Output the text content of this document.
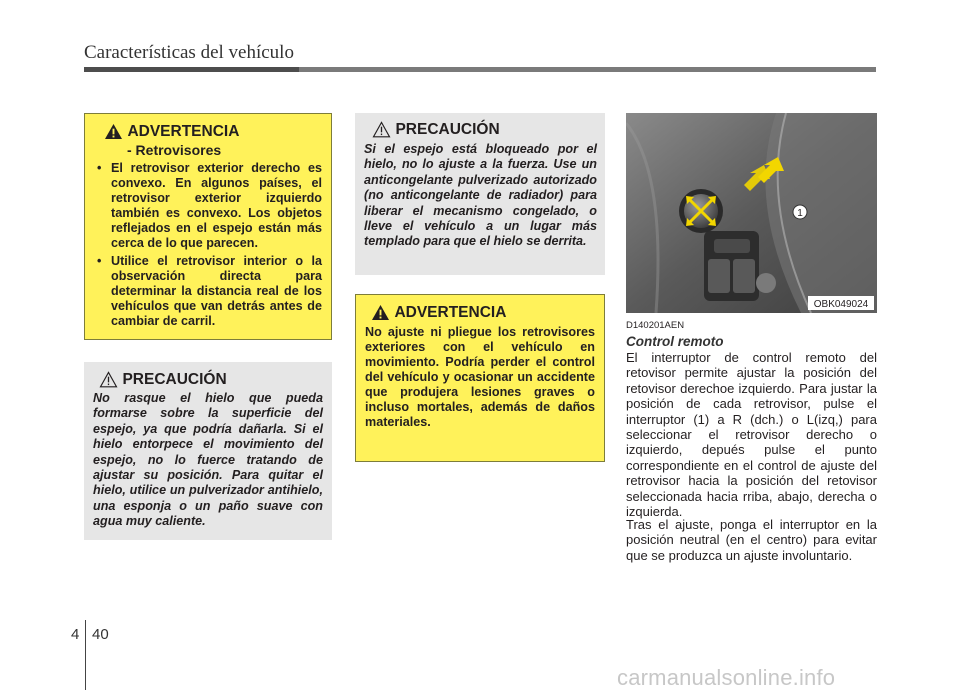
Características del vehículo
ADVERTENCIA
- Retrovisores
• El retrovisor exterior derecho es convexo. En algunos países, el retrovisor exterior izquierdo también es convexo. Los objetos reflejados en el espejo están más cerca de lo que parecen.
• Utilice el retrovisor interior o la observación directa para determinar la distancia real de los vehículos que van detrás antes de cambiar de carril.
PRECAUCIÓN
No rasque el hielo que pueda formarse sobre la superficie del espejo, ya que podría dañarla. Si el hielo entorpece el movimiento del espejo, no lo fuerce tratando de ajustar su posición. Para quitar el hielo, utilice un pulverizador antihielo, una esponja o un paño suave con agua muy caliente.
PRECAUCIÓN
Si el espejo está bloqueado por el hielo, no lo ajuste a la fuerza. Use un anticongelante pulverizado autorizado (no anticongelante de radiador) para liberar el mecanismo congelado, o lleve el vehículo a un lugar más templado para que el hielo se derrita.
ADVERTENCIA
No ajuste ni pliegue los retrovisores exteriores con el vehículo en movimiento. Podría perder el control del vehículo y ocasionar un accidente que produjera lesiones graves o incluso mortales, además de daños materiales.
1
OBK049024
D140201AEN
Control remoto
El interruptor de control remoto del retovisor permite ajustar la posición del retovisor derechoe izquierdo. Para justar la posición de cada retrovisor, pulse el interruptor (1) a R (dch.) o L(izq,) para seleccionar el retrovisor derecho o izquierdo, depués pulse el punto correspondiente en el control de ajuste del retrovisor hacia la posición del retovisor seleccionada hacia rriba, abajo, derecha o izquierda.
Tras el ajuste, ponga el interruptor en la posición neutral (en el centro) para evitar que se produzca un ajuste involuntario.
4 40
carmanualsonline.info
